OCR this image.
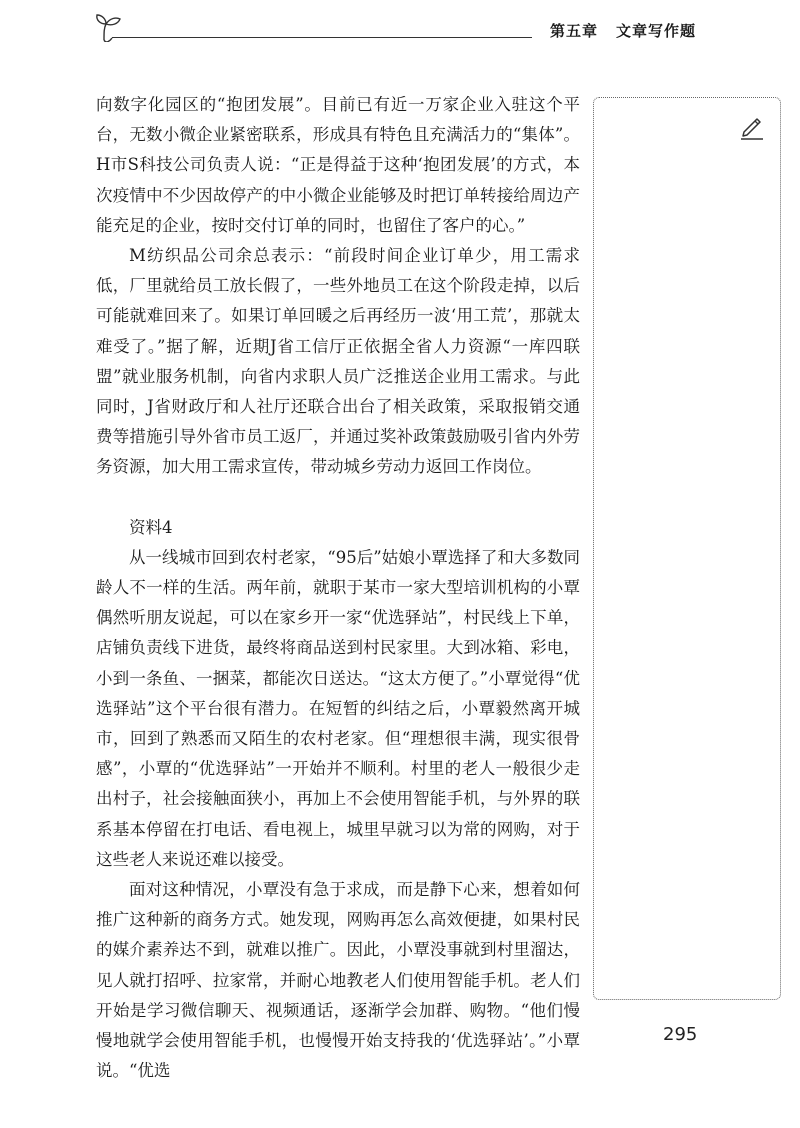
第五章 文章写作题

向数字化园区的“抱团发展”。目前已有近一万家企业入驻这个平台，无数小微企业紧密联系，形成具有特色且充满活力的“集体”。H市S科技公司负责人说：“正是得益于这种‘抱团发展’的方式，本次疫情中不少因故停产的中小微企业能够及时把订单转接给周边产能充足的企业，按时交付订单的同时，也留住了客户的心。”

M纺织品公司余总表示：“前段时间企业订单少，用工需求低，厂里就给员工放长假了，一些外地员工在这个阶段走掉，以后可能就难回来了。如果订单回暖之后再经历一波‘用工荒’，那就太难受了。”据了解，近期J省工信厅正依据全省人力资源“一库四联盟”就业服务机制，向省内求职人员广泛推送企业用工需求。与此同时，J省财政厅和人社厅还联合出台了相关政策，采取报销交通费等措施引导外省市员工返厂，并通过奖补政策鼓励吸引省内外劳务资源，加大用工需求宣传，带动城乡劳动力返回工作岗位。

资料4

从一线城市回到农村老家，“95后”姑娘小覃选择了和大多数同龄人不一样的生活。两年前，就职于某市一家大型培训机构的小覃偶然听朋友说起，可以在家乡开一家“优选驿站”，村民线上下单，店铺负责线下进货，最终将商品送到村民家里。大到冰箱、彩电，小到一条鱼、一捆菜，都能次日送达。“这太方便了。”小覃觉得“优选驿站”这个平台很有潜力。在短暂的纠结之后，小覃毅然离开城市，回到了熟悉而又陌生的农村老家。但“理想很丰满，现实很骨感”，小覃的“优选驿站”一开始并不顺利。村里的老人一般很少走出村子，社会接触面狭小，再加上不会使用智能手机，与外界的联系基本停留在打电话、看电视上，城里早就习以为常的网购，对于这些老人来说还难以接受。

面对这种情况，小覃没有急于求成，而是静下心来，想着如何推广这种新的商务方式。她发现，网购再怎么高效便捷，如果村民的媒介素养达不到，就难以推广。因此，小覃没事就到村里溜达，见人就打招呼、拉家常，并耐心地教老人们使用智能手机。老人们开始是学习微信聊天、视频通话，逐渐学会加群、购物。“他们慢慢地就学会使用智能手机，也慢慢开始支持我的‘优选驿站’。”小覃说。“优选

295
